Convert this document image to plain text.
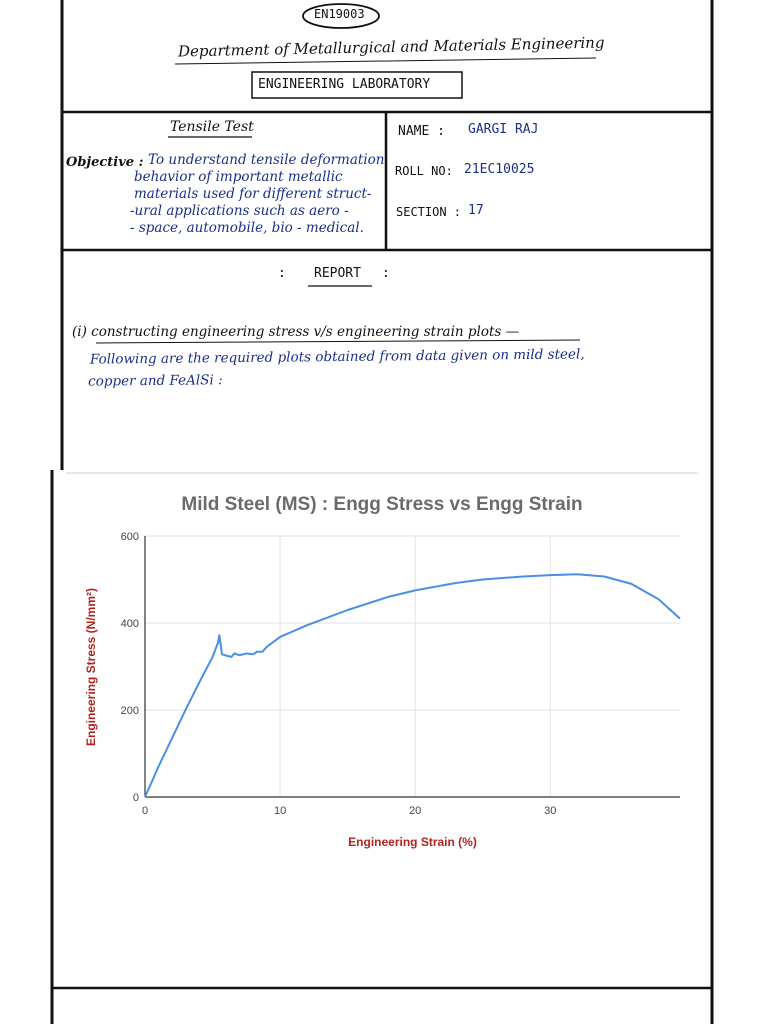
EN19003
Department of Metallurgical and Materials Engineering
ENGINEERING LABORATORY
Tensile Test
Objective : To understand tensile deformation
behavior of important metallic
materials used for different struct-
-ural applications such as aero -
- space, automobile, bio - medical.
NAME : GARGI RAJ
ROLL NO: 21EC10025
SECTION : 17
: REPORT :
(i) constructing engineering stress v/s engineering strain plots —
Following are the required plots obtained from data given on mild steel,
copper and FeAlSi :
Mild Steel (MS) : Engg Stress vs Engg Strain
0
200
400
600
0	10	20	30
Engineering Strain (%)
Engineering Stress (N/mm²)
